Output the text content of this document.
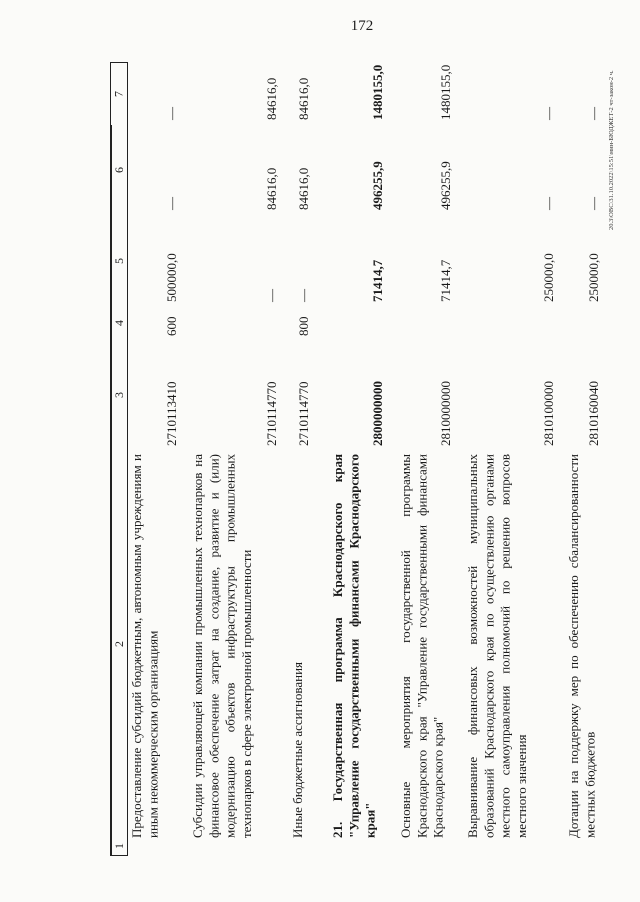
172
20.3\ОВС\31.10.2022\15:51\мин-БЮДЖЕТ-2 чт-закон-2 ч.
1
2
3
4
5
6
7
Предоставление субсидий бюджетным, автономным учреждениям и иным некоммерческим организациям
2710113410
600
500000,0
—
—
Субсидии управляющей компании промышленных технопарков на финансовое обеспечение затрат на создание, развитие и (или) модернизацию объектов инфраструктуры промышленных технопарков в сфере электронной промышленности
2710114770
—
84616,0
84616,0
Иные бюджетные ассигнования
2710114770
800
—
84616,0
84616,0
21. Государственная программа Краснодарского края "Управление государственными финансами Краснодарского края"
2800000000
71414,7
496255,9
1480155,0
Основные мероприятия государственной программы Краснодарского края "Управление государственными финансами Краснодарского края"
2810000000
71414,7
496255,9
1480155,0
Выравнивание финансовых возможностей муниципальных образований Краснодарского края по осуществлению органами местного самоуправления полномочий по решению вопросов местного значения
2810100000
250000,0
—
—
Дотации на поддержку мер по обеспечению сбалансированности местных бюджетов
2810160040
250000,0
—
—
